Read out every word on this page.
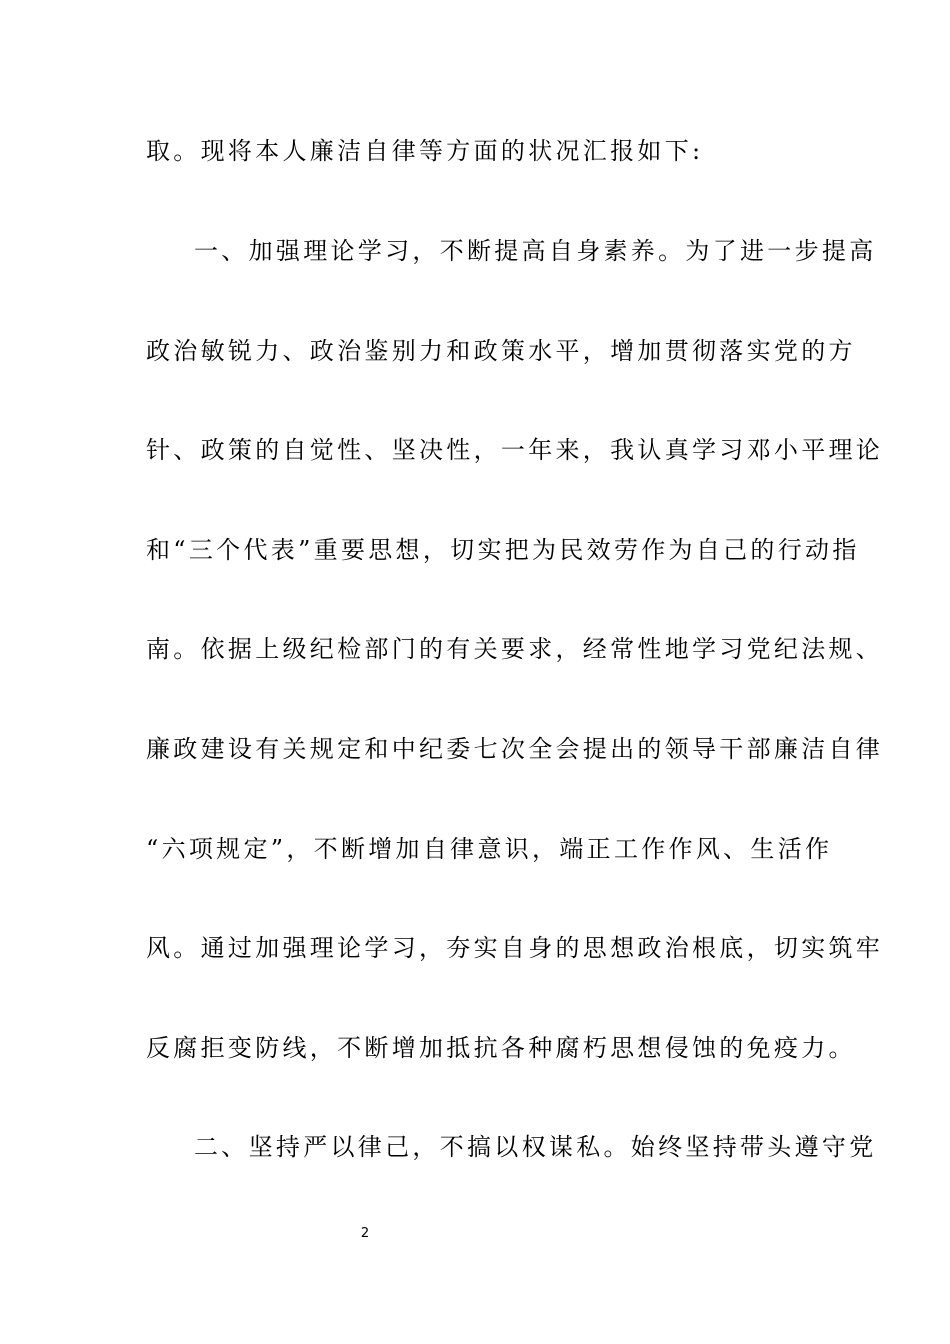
取。现将本人廉洁自律等方面的状况汇报如下:
一、加强理论学习，不断提高自身素养。为了进一步提高
政治敏锐力、政治鉴别力和政策水平，增加贯彻落实党的方
针、政策的自觉性、坚决性，一年来，我认真学习邓小平理论
和“三个代表”重要思想，切实把为民效劳作为自己的行动指
南。依据上级纪检部门的有关要求，经常性地学习党纪法规、
廉政建设有关规定和中纪委七次全会提出的领导干部廉洁自律
“六项规定”，不断增加自律意识，端正工作作风、生活作
风。通过加强理论学习，夯实自身的思想政治根底，切实筑牢
反腐拒变防线，不断增加抵抗各种腐朽思想侵蚀的免疫力。
二、坚持严以律己，不搞以权谋私。始终坚持带头遵守党
2
